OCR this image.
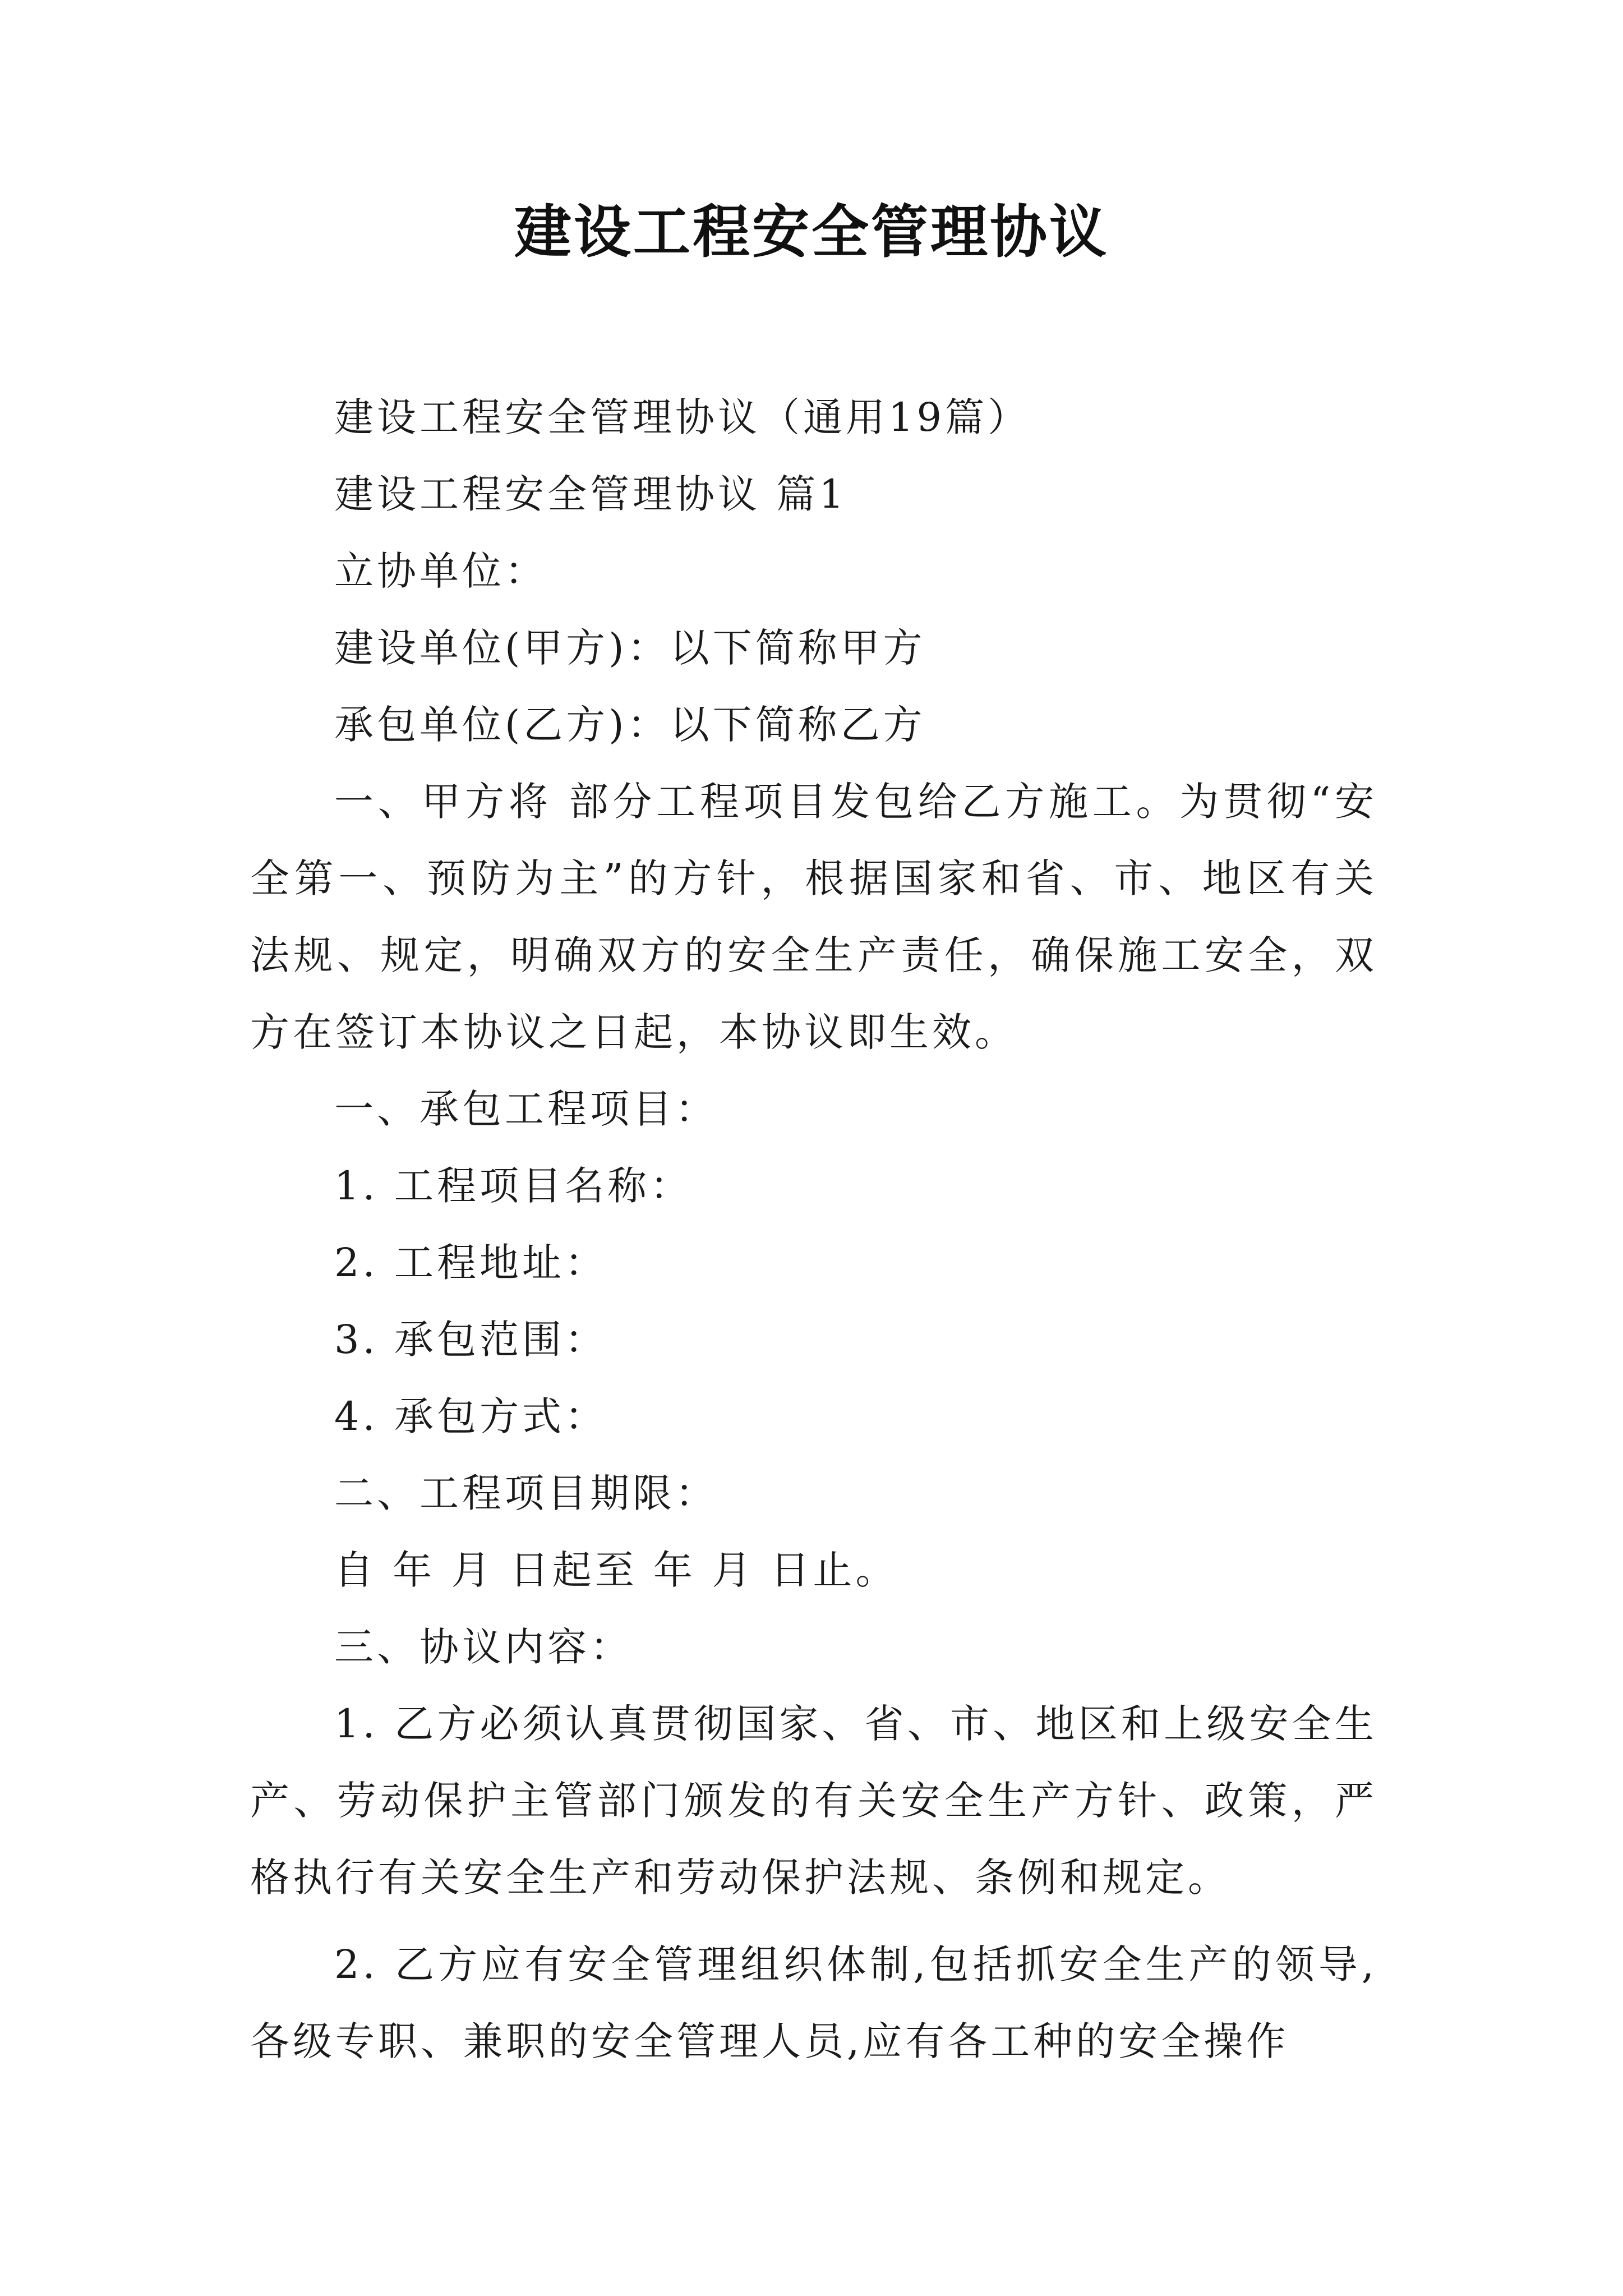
建设工程安全管理协议

建设工程安全管理协议（通用19篇）

建设工程安全管理协议 篇1

立协单位：

建设单位(甲方)：以下简称甲方

承包单位(乙方)：以下简称乙方

一、甲方将 部分工程项目发包给乙方施工。为贯彻“安全第一、预防为主”的方针，根据国家和省、市、地区有关法规、规定，明确双方的安全生产责任，确保施工安全，双方在签订本协议之日起，本协议即生效。

一、承包工程项目：

1. 工程项目名称：

2. 工程地址：

3. 承包范围：

4. 承包方式：

二、工程项目期限：

自 年 月 日起至 年 月 日止。

三、协议内容：

1. 乙方必须认真贯彻国家、省、市、地区和上级安全生产、劳动保护主管部门颁发的有关安全生产方针、政策，严格执行有关安全生产和劳动保护法规、条例和规定。

2. 乙方应有安全管理组织体制,包括抓安全生产的领导,各级专职、兼职的安全管理人员,应有各工种的安全操作
